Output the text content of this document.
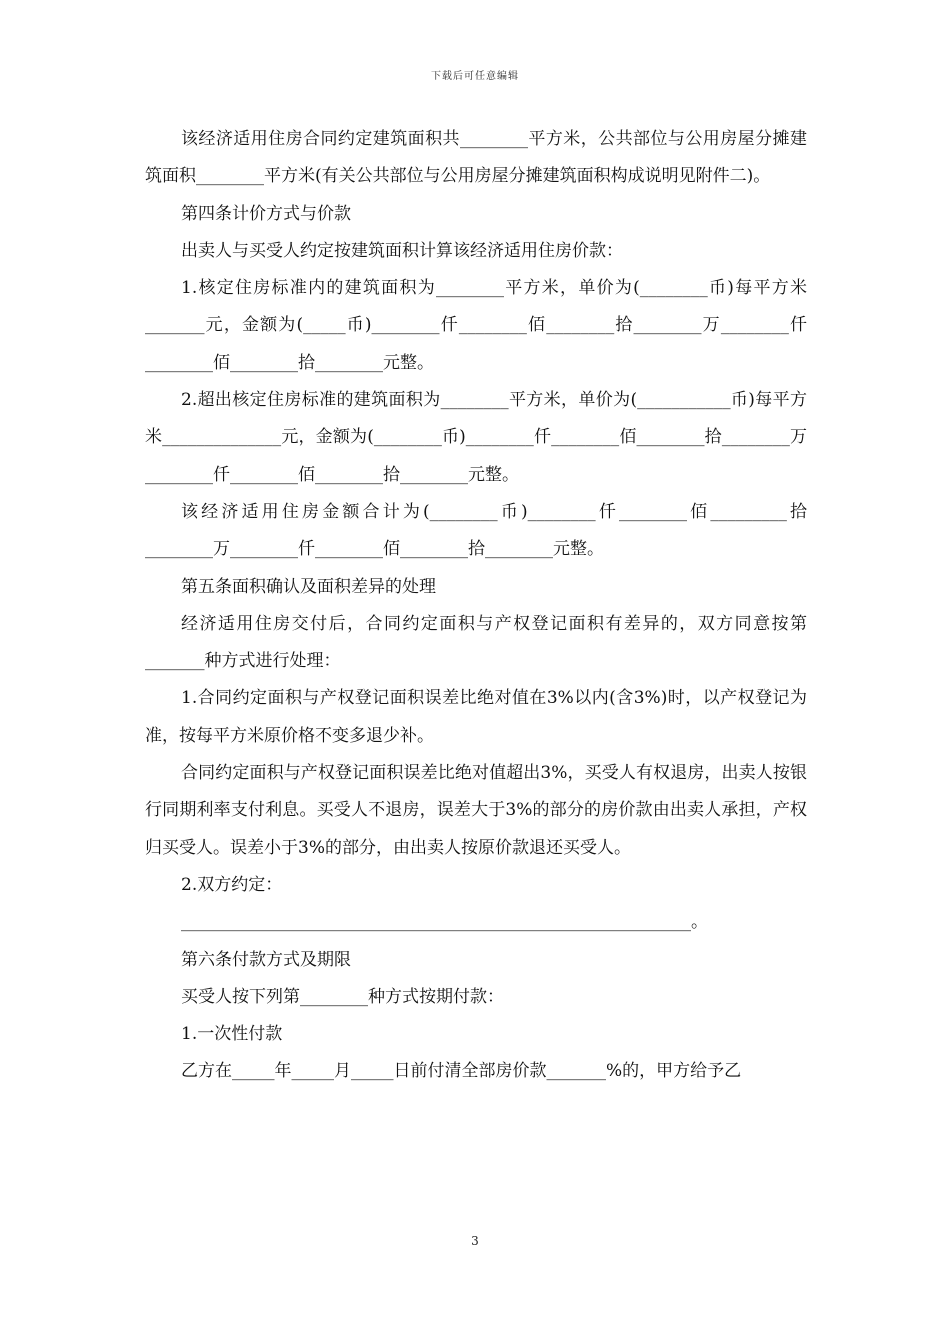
下载后可任意编辑

该经济适用住房合同约定建筑面积共________平方米，公共部位与公用房屋分摊建筑面积________平方米(有关公共部位与公用房屋分摊建筑面积构成说明见附件二)。

第四条计价方式与价款

出卖人与买受人约定按建筑面积计算该经济适用住房价款：

1.核定住房标准内的建筑面积为________平方米，单价为(________币)每平方米_______元，金额为(_____币)________仟________佰________拾________万________仟________佰________拾________元整。

2.超出核定住房标准的建筑面积为________平方米，单价为(___________币)每平方米______________元，金额为(________币)________仟________佰________拾________万________仟________佰________拾________元整。

该经济适用住房金额合计为(________币)________仟________佰_________拾________万________仟________佰________拾________元整。

第五条面积确认及面积差异的处理

经济适用住房交付后，合同约定面积与产权登记面积有差异的，双方同意按第_______种方式进行处理：

1.合同约定面积与产权登记面积误差比绝对值在3%以内(含3%)时，以产权登记为准，按每平方米原价格不变多退少补。

合同约定面积与产权登记面积误差比绝对值超出3%，买受人有权退房，出卖人按银行同期利率支付利息。买受人不退房，误差大于3%的部分的房价款由出卖人承担，产权归买受人。误差小于3%的部分，由出卖人按原价款退还买受人。

2.双方约定：

____________________________________________________________。

第六条付款方式及期限

买受人按下列第________种方式按期付款：

1.一次性付款

乙方在_____年_____月_____日前付清全部房价款_______%的，甲方给予乙

3
